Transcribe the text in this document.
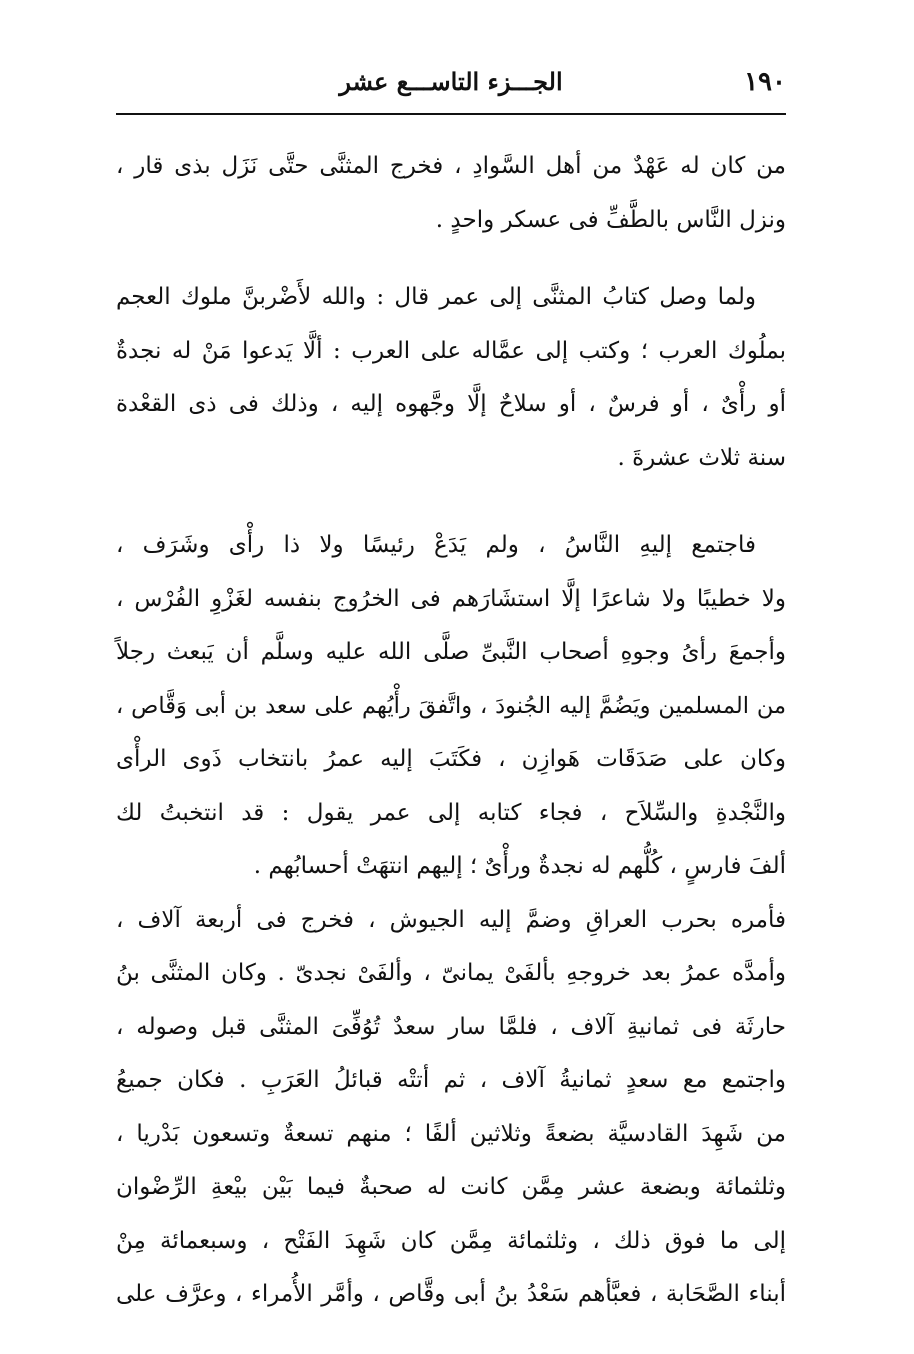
١٩٠
الجـــزء التاســـع عشر
من كان له عَهْدٌ من أهل السَّوادِ ، فخرج المثنَّى حتَّى نَزَل بذى قار ،
ونزل النَّاس بالطَّفِّ فى عسكر واحدٍ .
ولما وصل كتابُ المثنَّى إلى عمر قال : والله لأَضْربنَّ ملوك العجم
بملُوك العرب ؛ وكتب إلى عمَّاله على العرب : ألَّا يَدعوا مَنْ له نجدةٌ
أو رأْىٌ ، أو فرسٌ ، أو سلاحٌ إلَّا وجَّهوه إليه ، وذلك فى ذى القعْدة
سنة ثلاث عشرةَ .
فاجتمع إليهِ النَّاسُ ، ولم يَدَعْ رئيسًا ولا ذا رأْى وشَرَف ،
ولا خطيبًا ولا شاعرًا إلَّا استشَارَهم فى الخرُوج بنفسه لغَزْوِ الفُرْس ،
وأجمعَ رأىُ وجوهِ أصحاب النَّبىِّ صلَّى الله عليه وسلَّم أن يَبعث رجلاً
من المسلمين ويَضُمَّ إليه الجُنودَ ، واتَّفقَ رأْيُهم على سعد بن أبى وَقَّاص ،
وكان على صَدَقَات هَوازِن ، فكَتَبَ إليه عمرُ بانتخاب ذَوى الرأْى
والنَّجْدةِ والسِّلاَح ، فجاء كتابه إلى عمر يقول : قد انتخبتُ لك
ألفَ فارسٍ ، كُلُّهم له نجدةٌ ورأْىٌ ؛ إليهم انتهَتْ أحسابُهم .
فأمره بحرب العراقِ وضمَّ إليه الجيوش ، فخرج فى أربعة آلاف ،
وأمدَّه عمرُ بعد خروجهِ بألفَىْ يمانىّ ، وألفَىْ نجدىّ . وكان المثنَّى بنُ
حارثَة فى ثمانيةِ آلاف ، فلمَّا سار سعدٌ تُوُفِّىَ المثنَّى قبل وصوله ،
واجتمع مع سعدٍ ثمانيةُ آلاف ، ثم أتتْه قبائلُ العَرَبِ . فكان جميعُ
من شَهِدَ القادسيَّة بضعةً وثلاثين ألفًا ؛ منهم تسعةٌ وتسعون بَدْريا ،
وثلثمائة وبضعة عشر مِمَّن كانت له صحبةٌ فيما بَيْن بيْعةِ الرِّضْوان
إلى ما فوق ذلك ، وثلثمائة مِمَّن كان شَهِدَ الفَتْح ، وسبعمائة مِنْ
أبناء الصَّحَابة ، فعبَّأهم سَعْدُ بنُ أبى وقَّاص ، وأمَّر الأُمراء ، وعرَّف على
